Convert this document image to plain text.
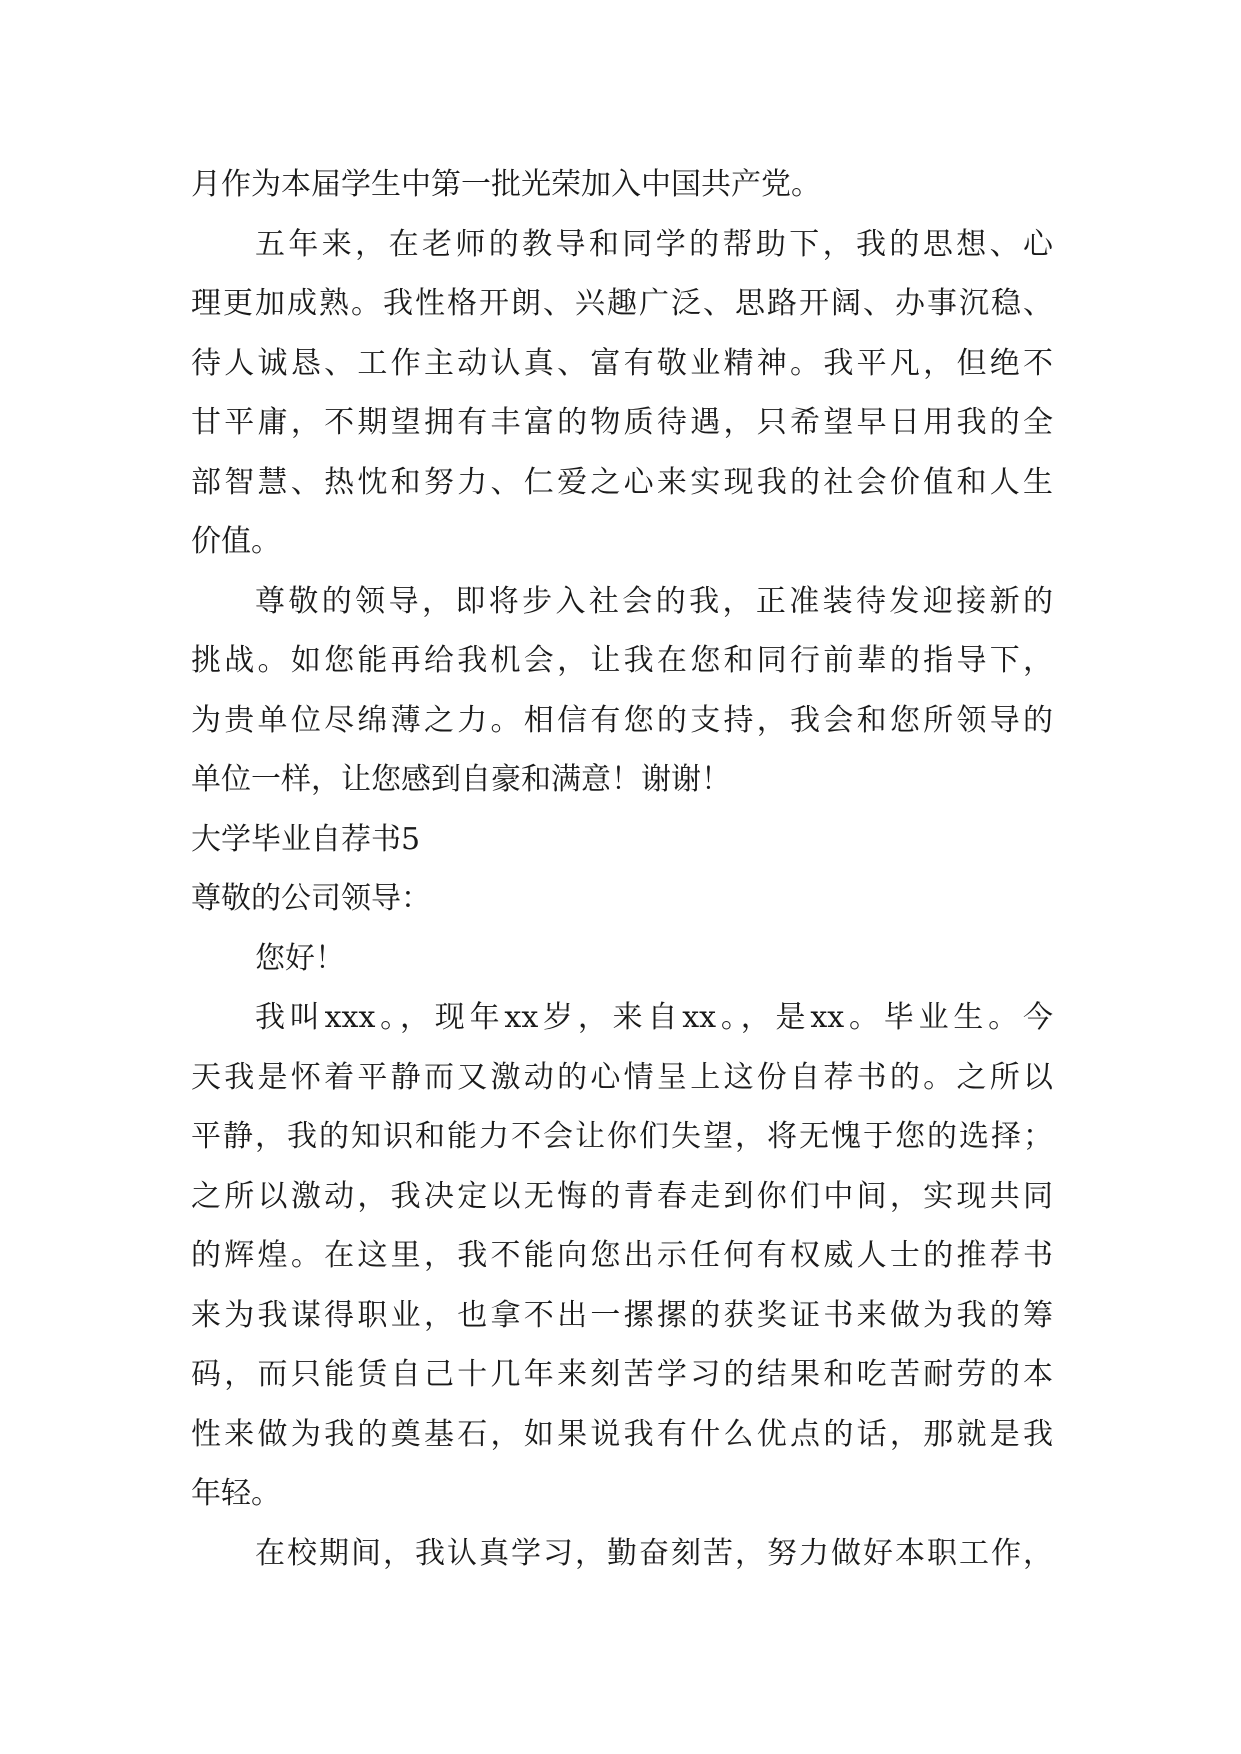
月作为本届学生中第一批光荣加入中国共产党。
五年来，在老师的教导和同学的帮助下，我的思想、心
理更加成熟。我性格开朗、兴趣广泛、思路开阔、办事沉稳、
待人诚恳、工作主动认真、富有敬业精神。我平凡，但绝不
甘平庸，不期望拥有丰富的物质待遇，只希望早日用我的全
部智慧、热忱和努力、仁爱之心来实现我的社会价值和人生
价值。
尊敬的领导，即将步入社会的我，正准装待发迎接新的
挑战。如您能再给我机会，让我在您和同行前辈的指导下，
为贵单位尽绵薄之力。相信有您的支持，我会和您所领导的
单位一样，让您感到自豪和满意！谢谢！
大学毕业自荐书5
尊敬的公司领导：
您好！
我叫xxx。，现年xx岁，来自xx。，是xx。毕业生。今
天我是怀着平静而又激动的心情呈上这份自荐书的。之所以
平静，我的知识和能力不会让你们失望，将无愧于您的选择；
之所以激动，我决定以无悔的青春走到你们中间，实现共同
的辉煌。在这里，我不能向您出示任何有权威人士的推荐书
来为我谋得职业，也拿不出一摞摞的获奖证书来做为我的筹
码，而只能赁自己十几年来刻苦学习的结果和吃苦耐劳的本
性来做为我的奠基石，如果说我有什么优点的话，那就是我
年轻。
在校期间，我认真学习，勤奋刻苦，努力做好本职工作，
